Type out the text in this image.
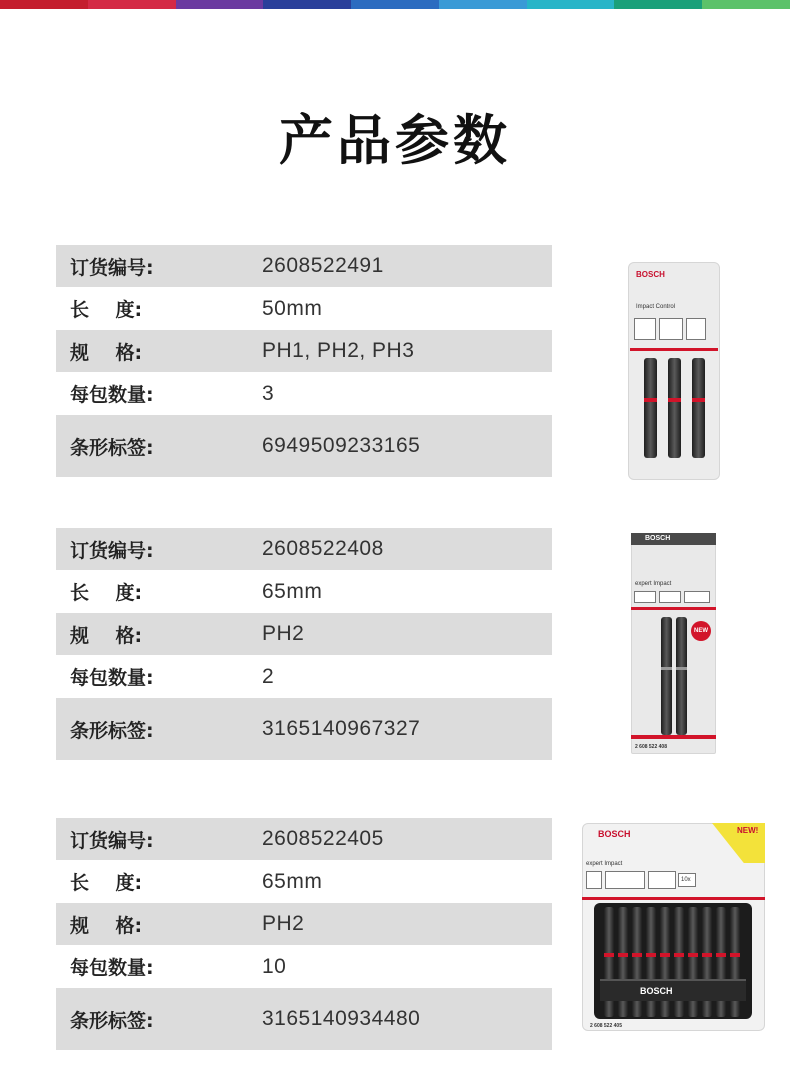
产品参数
订货编号:	2608522491
长    度:	50mm
规    格:	PH1, PH2, PH3
每包数量:	3
条形标签:	6949509233165
订货编号:	2608522408
长    度:	65mm
规    格:	PH2
每包数量:	2
条形标签:	3165140967327
订货编号:	2608522405
长    度:	65mm
规    格:	PH2
每包数量:	10
条形标签:	3165140934480
BOSCH
Impact Control
BOSCH
expert Impact
NEW
2 608 522 408
NEW!
BOSCH
expert Impact
10x
BOSCH
2 608 522 405
